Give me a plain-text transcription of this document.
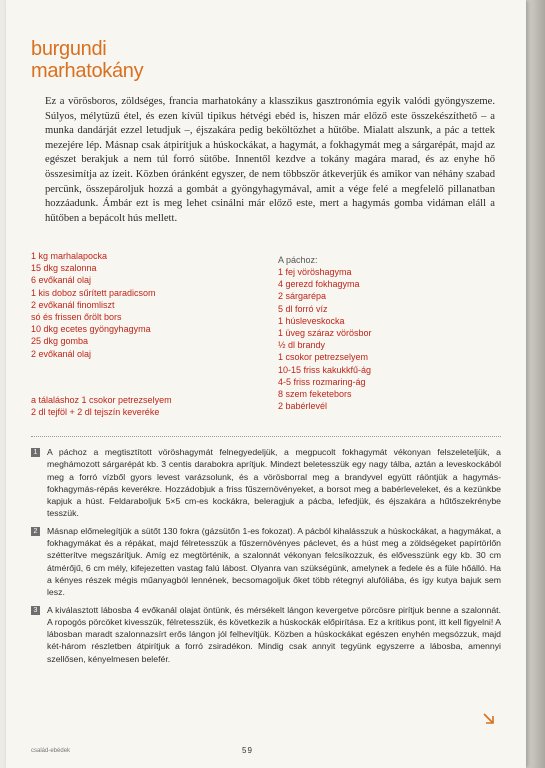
burgundi
marhatokány

Ez a vörösboros, zöldséges, francia marhatokány a klasszikus gasztronómia egyik valódi gyöngyszeme. Súlyos, mélytüzű étel, és ezen kívül tipikus hétvégi ebéd is, hiszen már előző este összekészíthető – a munka dandárját ezzel letudjuk –, éjszakára pedig beköltözhet a hűtőbe. Mialatt alszunk, a pác a tettek mezejére lép. Másnap csak átpirítjuk a húskockákat, a hagymát, a fokhagymát meg a sárgarépát, majd az egészet berakjuk a nem túl forró sütőbe. Innentől kezdve a tokány magára marad, és az enyhe hő összesimítja az ízeit. Közben óránként egyszer, de nem többször átkeverjük és amikor van néhány szabad percünk, összepároljuk hozzá a gombát a gyöngyhagymával, amit a vége felé a megfelelő pillanatban hozzáadunk. Ámbár ezt is meg lehet csinálni már előző este, mert a hagymás gomba vidáman eláll a hűtőben a bepácolt hús mellett.

1 kg marhalapocka
15 dkg szalonna
6 evőkanál olaj
1 kis doboz sűrített paradicsom
2 evőkanál finomliszt
só és frissen őrölt bors
10 dkg ecetes gyöngyhagyma
25 dkg gomba
2 evőkanál olaj
a tálaláshoz 1 csokor petrezselyem
2 dl tejföl + 2 dl tejszín keveréke

A páchoz:

1 fej vöröshagyma
4 gerezd fokhagyma
2 sárgarépa
5 dl forró víz
1 húsleveskocka
1 üveg száraz vörösbor
½ dl brandy
1 csokor petrezselyem
10-15 friss kakukkfű-ág
4-5 friss rozmaring-ág
8 szem feketebors
2 babérlevél

1 A páchoz a megtisztított vöröshagymát felnegyedeljük, a megpucolt fokhagymát vékonyan felszeleteljük, a meghámozott sárgarépát kb. 3 centis darabokra aprítjuk. Mindezt beletesszük egy nagy tálba, aztán a leveskockából meg a forró vízből gyors levest varázsolunk, és a vörösborral meg a brandyvel együtt ráöntjük a hagymás-fokhagymás-répás keverékre. Hozzádobjuk a friss fűszernövényeket, a borsot meg a babérleveleket, és a kezünkbe kapjuk a húst. Feldaraboljuk 5×5 cm-es kockákra, beleragjuk a pácba, lefedjük, és éjszakára a hűtőszekrénybe tesszük.

2 Másnap előmelegítjük a sütőt 130 fokra (gázsütőn 1-es fokozat). A pácból kihalásszuk a húskockákat, a hagymákat, a fokhagymákat és a répákat, majd félretesszük a fűszernövényes páclevet, és a húst meg a zöldségeket papírtörlőn szétterítve megszárítjuk. Amíg ez megtörténik, a szalonnát vékonyan felcsíkozzuk, és elővesszünk egy kb. 30 cm átmérőjű, 6 cm mély, kifejezetten vastag falú lábost. Olyanra van szükségünk, amelynek a fedele és a füle hőálló. Ha a kényes részek mégis műanyagból lennének, becsomagoljuk őket több rétegnyi alufóliába, és így kutya bajuk sem lesz.

3 A kiválasztott lábosba 4 evőkanál olajat öntünk, és mérsékelt lángon kevergetve pörcösre pirítjuk benne a szalonnát. A ropogós pörcöket kivesszük, félretesszük, és következik a húskockák előpirítása. Ez a kritikus pont, itt kell figyelni! A lábosban maradt szalonnazsírt erős lángon jól felhevítjük. Közben a húskockákat egészen enyhén megsózzuk, majd két-három részletben átpirítjuk a forró zsiradékon. Mindig csak annyit tegyünk egyszerre a lábosba, amennyi szellősen, kényelmesen belefér.

család-ebédek	59
